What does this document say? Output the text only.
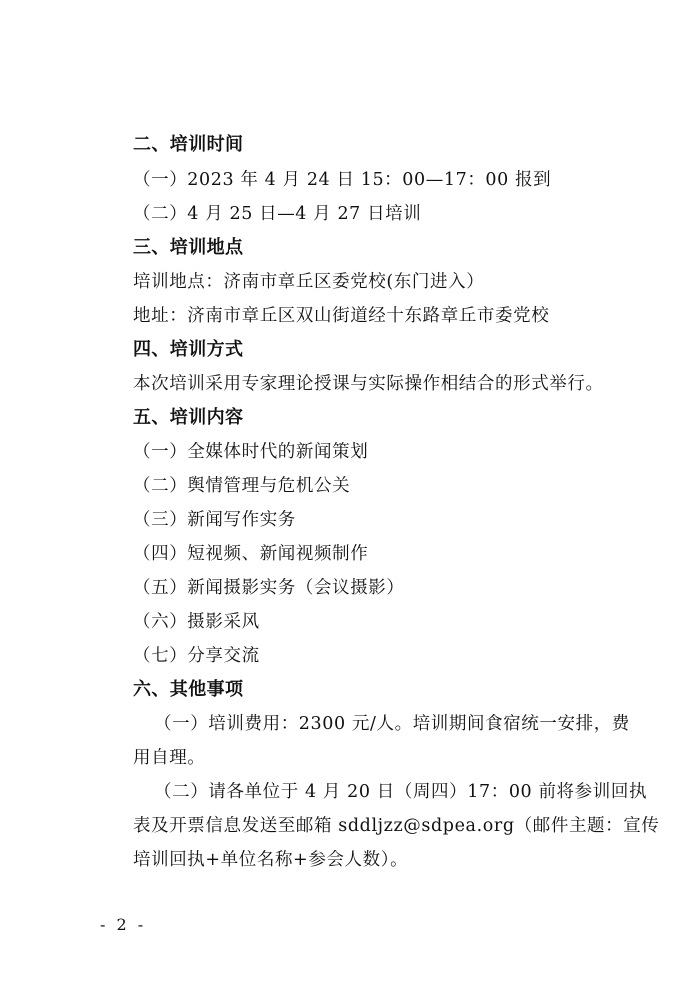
二、培训时间
（一）2023 年 4 月 24 日 15：00—17：00 报到
（二）4 月 25 日—4 月 27 日培训
三、培训地点
培训地点：济南市章丘区委党校(东门进入）
地址：济南市章丘区双山街道经十东路章丘市委党校
四、培训方式
本次培训采用专家理论授课与实际操作相结合的形式举行。
五、培训内容
（一）全媒体时代的新闻策划
（二）舆情管理与危机公关
（三）新闻写作实务
（四）短视频、新闻视频制作
（五）新闻摄影实务（会议摄影）
（六）摄影采风
（七）分享交流
六、其他事项
（一）培训费用：2300 元/人。培训期间食宿统一安排，费
用自理。
（二）请各单位于 4 月 20 日（周四）17：00 前将参训回执
表及开票信息发送至邮箱 sddljzz@sdpea.org（邮件主题：宣传
培训回执+单位名称+参会人数）。
- 2 -
